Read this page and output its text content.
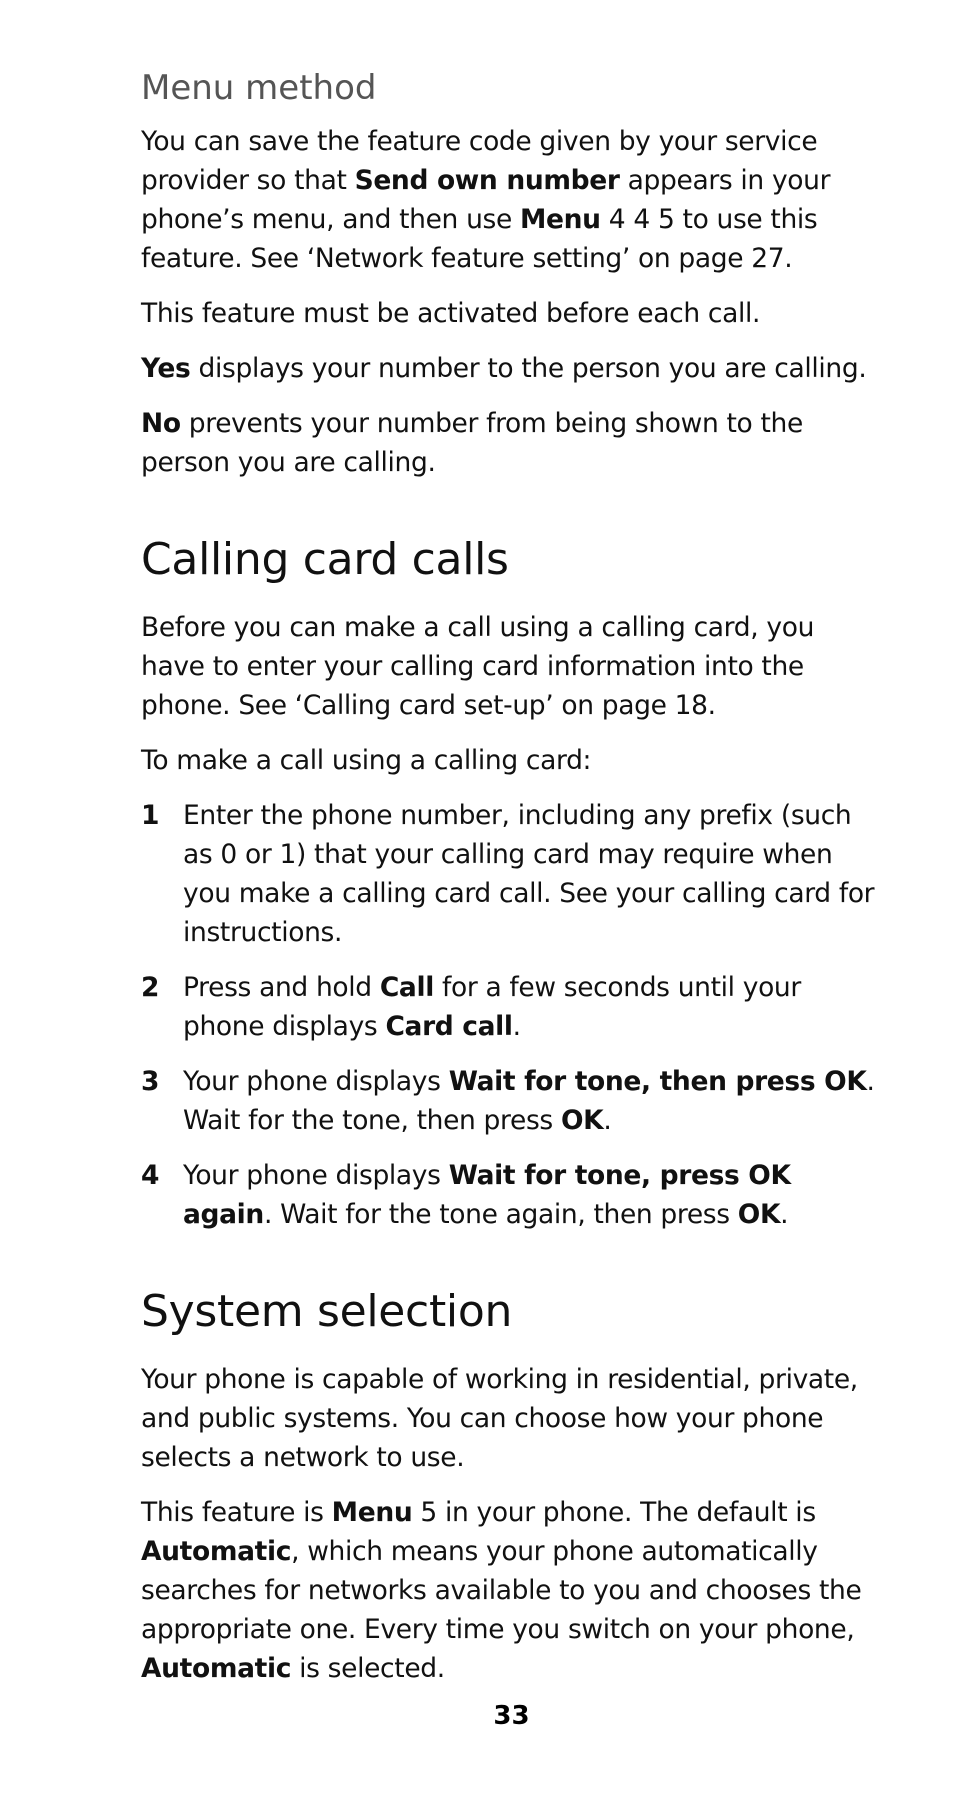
Menu method

You can save the feature code given by your service provider so that Send own number appears in your phone’s menu, and then use Menu 4 4 5 to use this feature. See ‘Network feature setting’ on page 27.

This feature must be activated before each call.

Yes displays your number to the person you are calling.

No prevents your number from being shown to the person you are calling.

Calling card calls

Before you can make a call using a calling card, you have to enter your calling card information into the phone. See ‘Calling card set-up’ on page 18.

To make a call using a calling card:

1 Enter the phone number, including any prefix (such as 0 or 1) that your calling card may require when you make a calling card call. See your calling card for instructions.
2 Press and hold Call for a few seconds until your phone displays Card call.
3 Your phone displays Wait for tone, then press OK. Wait for the tone, then press OK.
4 Your phone displays Wait for tone, press OK again. Wait for the tone again, then press OK.
System selection

Your phone is capable of working in residential, private, and public systems. You can choose how your phone selects a network to use.

This feature is Menu 5 in your phone. The default is Automatic, which means your phone automatically searches for networks available to you and chooses the appropriate one. Every time you switch on your phone, Automatic is selected.

33
